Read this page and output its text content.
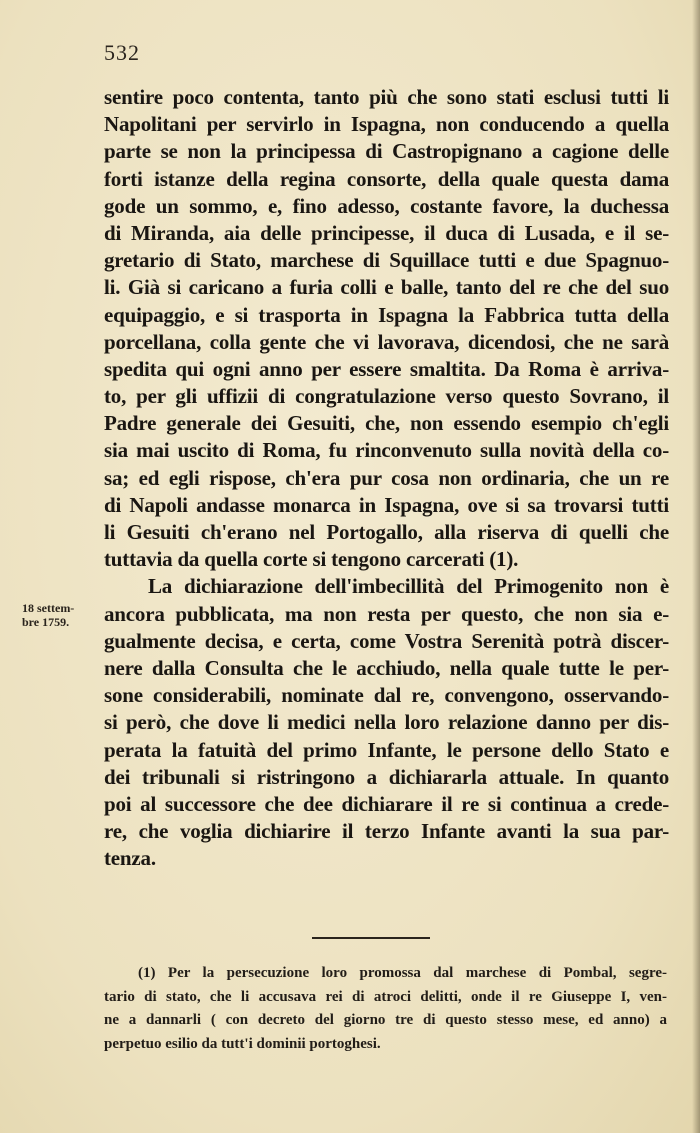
532
sentire poco contenta, tanto più che sono stati esclusi tutti li
Napolitani per servirlo in Ispagna, non conducendo a quella
parte se non la principessa di Castropignano a cagione delle
forti istanze della regina consorte, della quale questa dama
gode un sommo, e, fino adesso, costante favore, la duchessa
di Miranda, aia delle principesse, il duca di Lusada, e il se-
gretario di Stato, marchese di Squillace tutti e due Spagnuo-
li. Già si caricano a furia colli e balle, tanto del re che del suo
equipaggio, e si trasporta in Ispagna la Fabbrica tutta della
porcellana, colla gente che vi lavorava, dicendosi, che ne sarà
spedita qui ogni anno per essere smaltita. Da Roma è arriva-
to, per gli uffizii di congratulazione verso questo Sovrano, il
Padre generale dei Gesuiti, che, non essendo esempio ch'egli
sia mai uscito di Roma, fu rinconvenuto sulla novità della co-
sa; ed egli rispose, ch'era pur cosa non ordinaria, che un re
di Napoli andasse monarca in Ispagna, ove si sa trovarsi tutti
li Gesuiti ch'erano nel Portogallo, alla riserva di quelli che
tuttavia da quella corte si tengono carcerati (1).
La dichiarazione dell'imbecillità del Primogenito non è
ancora pubblicata, ma non resta per questo, che non sia e-
gualmente decisa, e certa, come Vostra Serenità potrà discer-
nere dalla Consulta che le acchiudo, nella quale tutte le per-
sone considerabili, nominate dal re, convengono, osservando-
si però, che dove li medici nella loro relazione danno per dis-
perata la fatuità del primo Infante, le persone dello Stato e
dei tribunali si ristringono a dichiararla attuale. In quanto
poi al successore che dee dichiarare il re si continua a crede-
re, che voglia dichiarire il terzo Infante avanti la sua par-
tenza.
18 settem-
bre 1759.
(1) Per la persecuzione loro promossa dal marchese di Pombal, segre-
tario di stato, che li accusava rei di atroci delitti, onde il re Giuseppe I, ven-
ne a dannarli ( con decreto del giorno tre di questo stesso mese, ed anno) a
perpetuo esilio da tutt'i dominii portoghesi.
